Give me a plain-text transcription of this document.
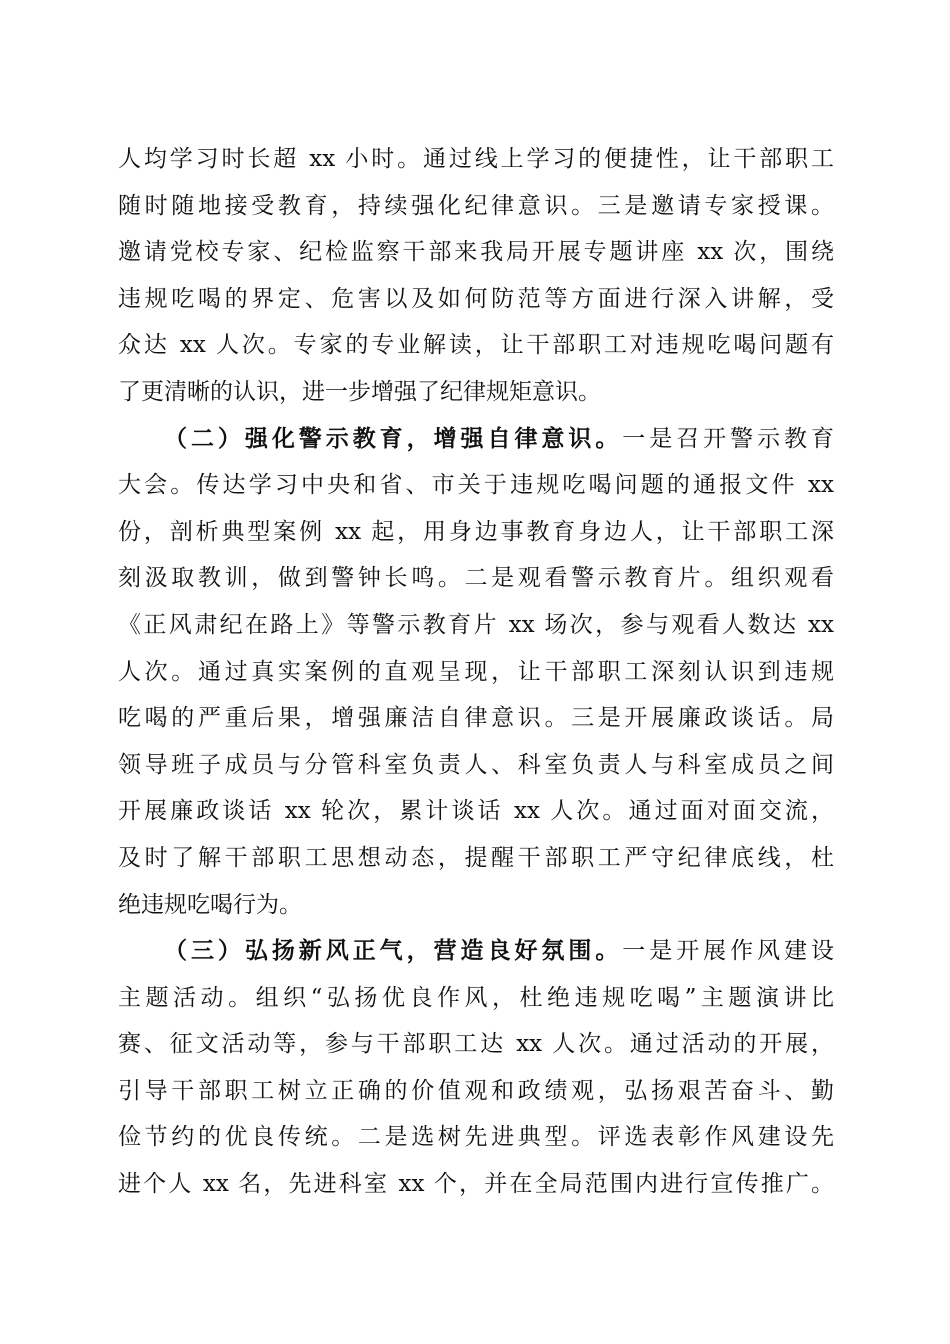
人均学习时长超 xx 小时。通过线上学习的便捷性，让干部职工
随时随地接受教育，持续强化纪律意识。三是邀请专家授课。
邀请党校专家、纪检监察干部来我局开展专题讲座 xx 次，围绕
违规吃喝的界定、危害以及如何防范等方面进行深入讲解，受
众达 xx 人次。专家的专业解读，让干部职工对违规吃喝问题有
了更清晰的认识，进一步增强了纪律规矩意识。
（二）强化警示教育，增强自律意识。一是召开警示教育
大会。传达学习中央和省、市关于违规吃喝问题的通报文件 xx
份，剖析典型案例 xx 起，用身边事教育身边人，让干部职工深
刻汲取教训，做到警钟长鸣。二是观看警示教育片。组织观看
《正风肃纪在路上》等警示教育片 xx 场次，参与观看人数达 xx
人次。通过真实案例的直观呈现，让干部职工深刻认识到违规
吃喝的严重后果，增强廉洁自律意识。三是开展廉政谈话。局
领导班子成员与分管科室负责人、科室负责人与科室成员之间
开展廉政谈话 xx 轮次，累计谈话 xx 人次。通过面对面交流，
及时了解干部职工思想动态，提醒干部职工严守纪律底线，杜
绝违规吃喝行为。
（三）弘扬新风正气，营造良好氛围。一是开展作风建设
主题活动。组织“弘扬优良作风，杜绝违规吃喝”主题演讲比
赛、征文活动等，参与干部职工达 xx 人次。通过活动的开展，
引导干部职工树立正确的价值观和政绩观，弘扬艰苦奋斗、勤
俭节约的优良传统。二是选树先进典型。评选表彰作风建设先
进个人 xx 名，先进科室 xx 个，并在全局范围内进行宣传推广。
